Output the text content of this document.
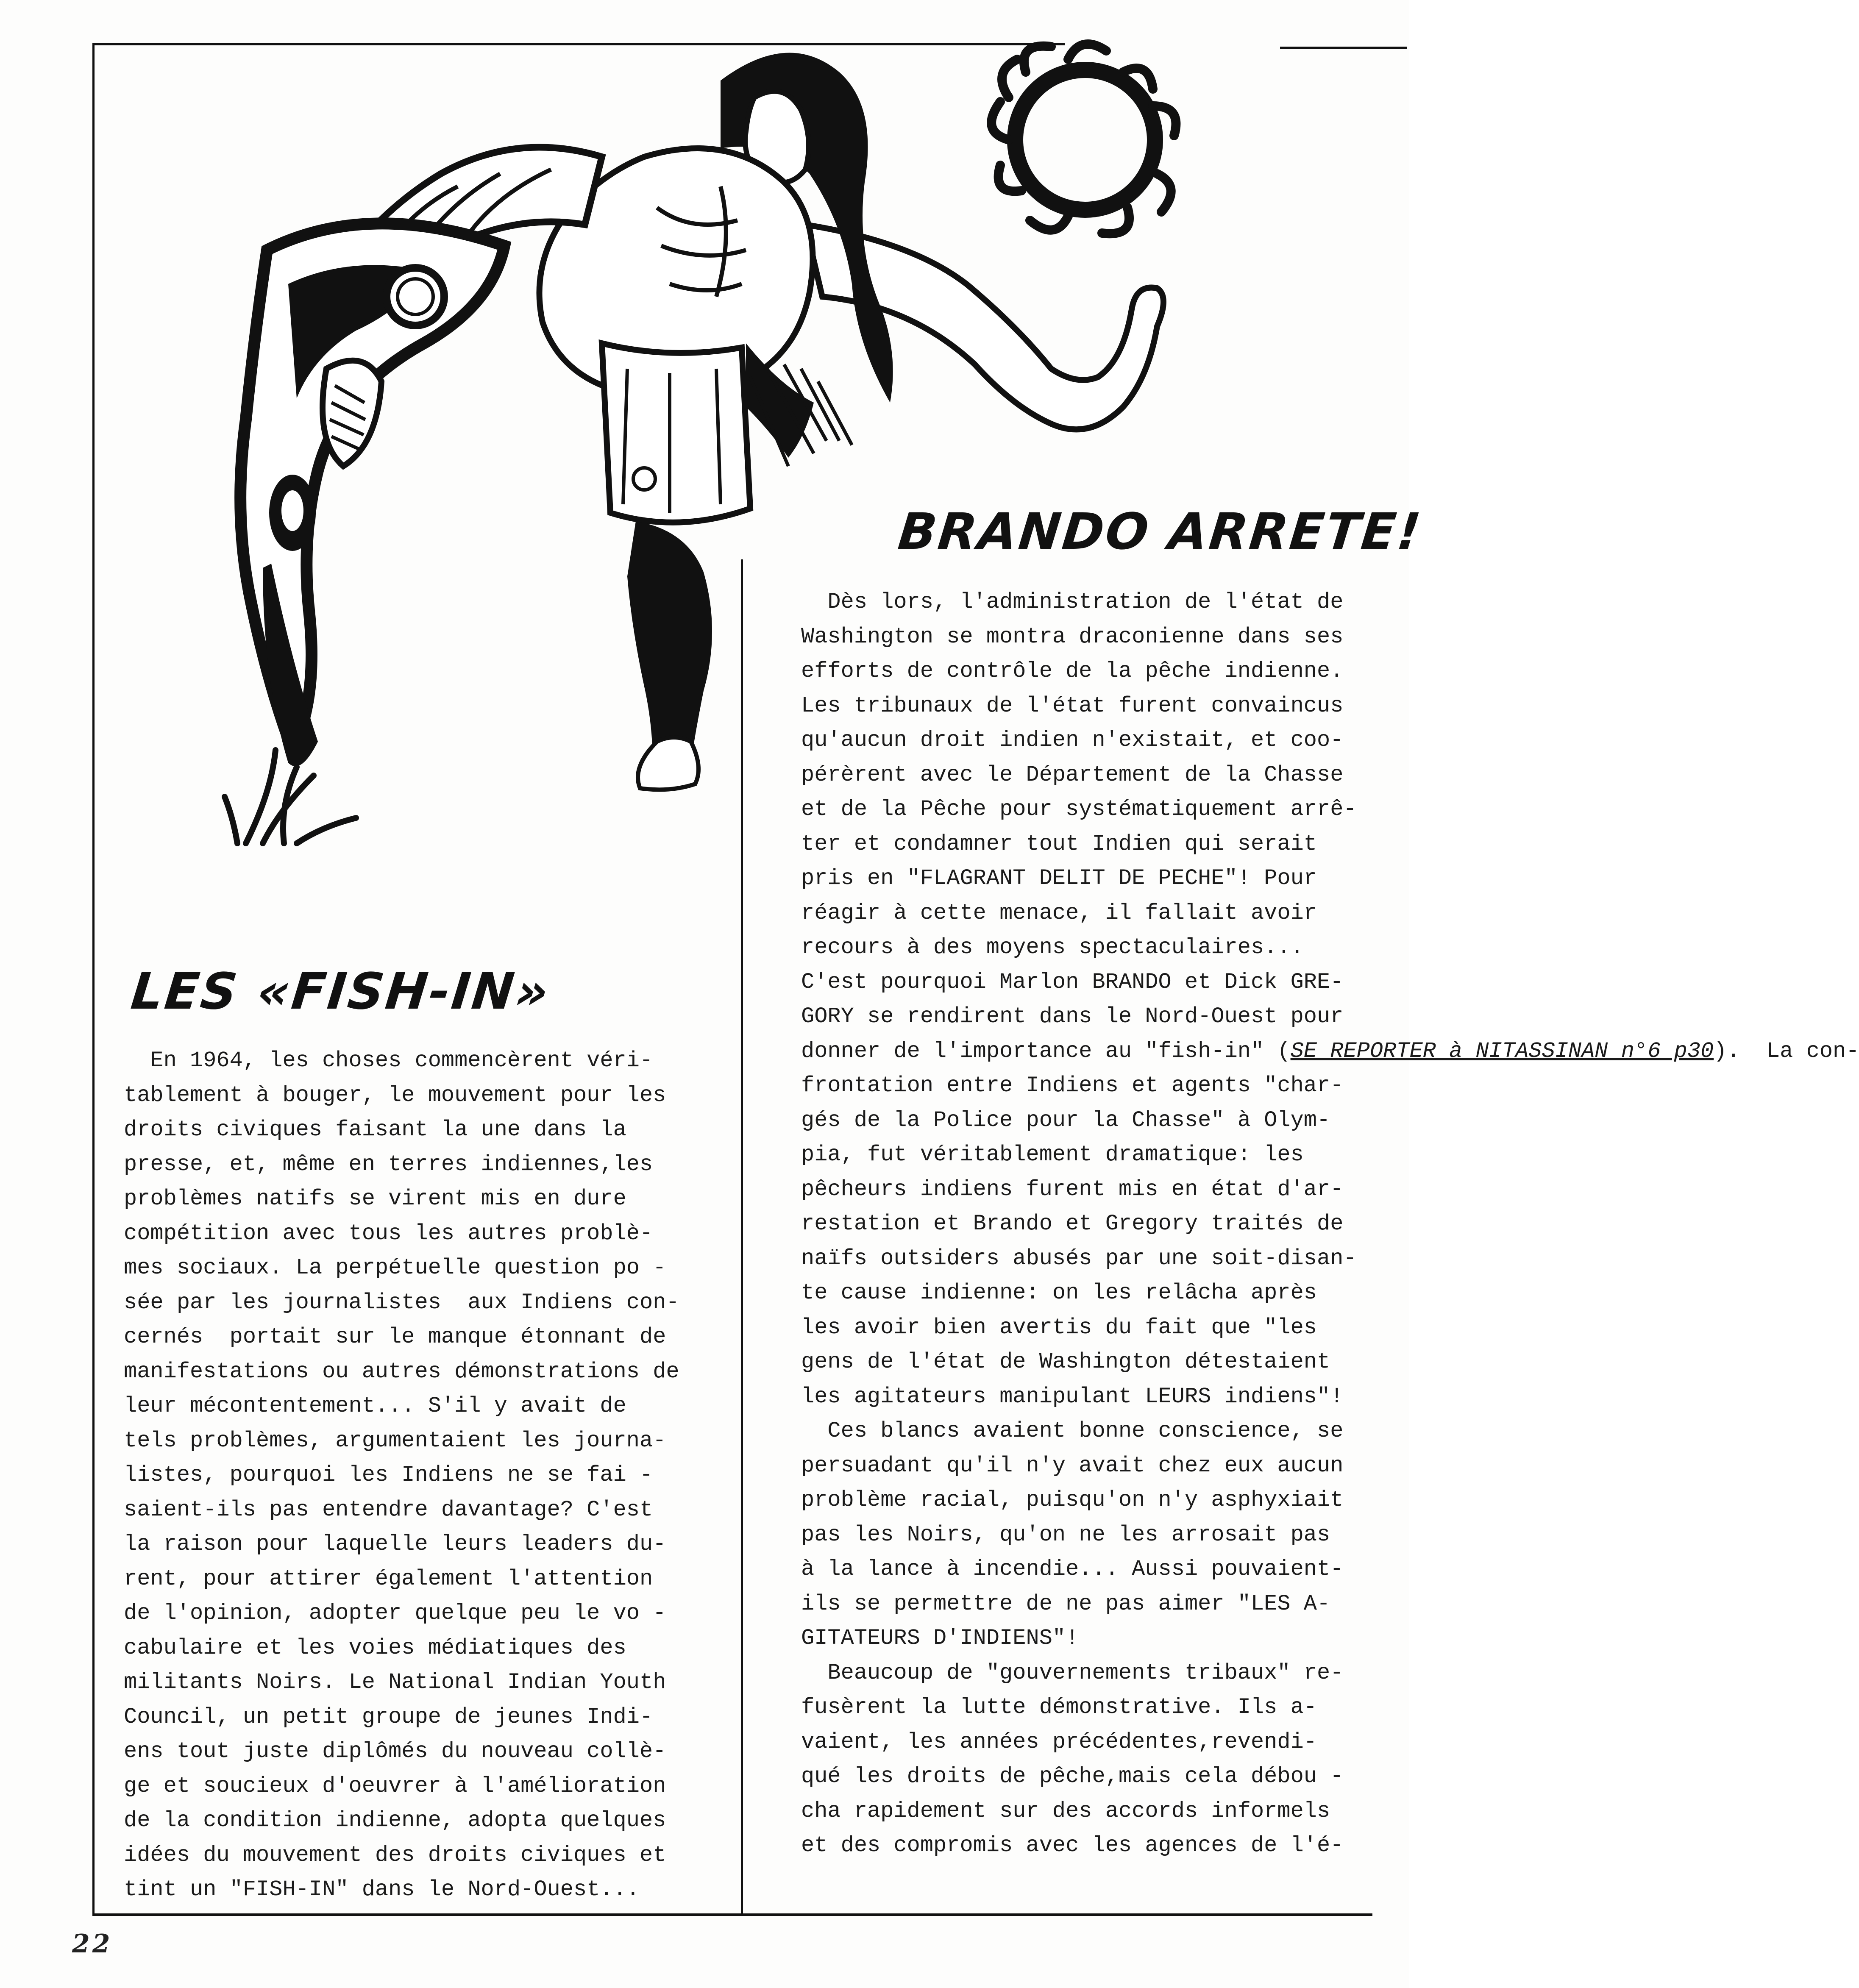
BRANDO ARRETE!
LES «FISH-IN»
En 1964, les choses commencèrent véri-
tablement à bouger, le mouvement pour les
droits civiques faisant la une dans la
presse, et, même en terres indiennes,les
problèmes natifs se virent mis en dure
compétition avec tous les autres problè-
mes sociaux. La perpétuelle question po -
sée par les journalistes  aux Indiens con-
cernés  portait sur le manque étonnant de
manifestations ou autres démonstrations de
leur mécontentement... S'il y avait de
tels problèmes, argumentaient les journa-
listes, pourquoi les Indiens ne se fai -
saient-ils pas entendre davantage? C'est
la raison pour laquelle leurs leaders du-
rent, pour attirer également l'attention
de l'opinion, adopter quelque peu le vo -
cabulaire et les voies médiatiques des
militants Noirs. Le National Indian Youth
Council, un petit groupe de jeunes Indi-
ens tout juste diplômés du nouveau collè-
ge et soucieux d'oeuvrer à l'amélioration
de la condition indienne, adopta quelques
idées du mouvement des droits civiques et
tint un "FISH-IN" dans le Nord-Ouest...
Dès lors, l'administration de l'état de
Washington se montra draconienne dans ses
efforts de contrôle de la pêche indienne.
Les tribunaux de l'état furent convaincus
qu'aucun droit indien n'existait, et coo-
pérèrent avec le Département de la Chasse
et de la Pêche pour systématiquement arrê-
ter et condamner tout Indien qui serait
pris en "FLAGRANT DELIT DE PECHE"! Pour
réagir à cette menace, il fallait avoir
recours à des moyens spectaculaires...
C'est pourquoi Marlon BRANDO et Dick GRE-
GORY se rendirent dans le Nord-Ouest pour
donner de l'importance au "fish-in" (SE REPORTER à NITASSINAN n°6 p30).  La con-
frontation entre Indiens et agents "char-
gés de la Police pour la Chasse" à Olym-
pia, fut véritablement dramatique: les
pêcheurs indiens furent mis en état d'ar-
restation et Brando et Gregory traités de
naïfs outsiders abusés par une soit-disan-
te cause indienne: on les relâcha après
les avoir bien avertis du fait que "les
gens de l'état de Washington détestaient
les agitateurs manipulant LEURS indiens"!
Ces blancs avaient bonne conscience, se
persuadant qu'il n'y avait chez eux aucun
problème racial, puisqu'on n'y asphyxiait
pas les Noirs, qu'on ne les arrosait pas
à la lance à incendie... Aussi pouvaient-
ils se permettre de ne pas aimer "LES A-
GITATEURS D'INDIENS"!
Beaucoup de "gouvernements tribaux" re-
fusèrent la lutte démonstrative. Ils a-
vaient, les années précédentes,revendi-
qué les droits de pêche,mais cela débou -
cha rapidement sur des accords informels
et des compromis avec les agences de l'é-
22
